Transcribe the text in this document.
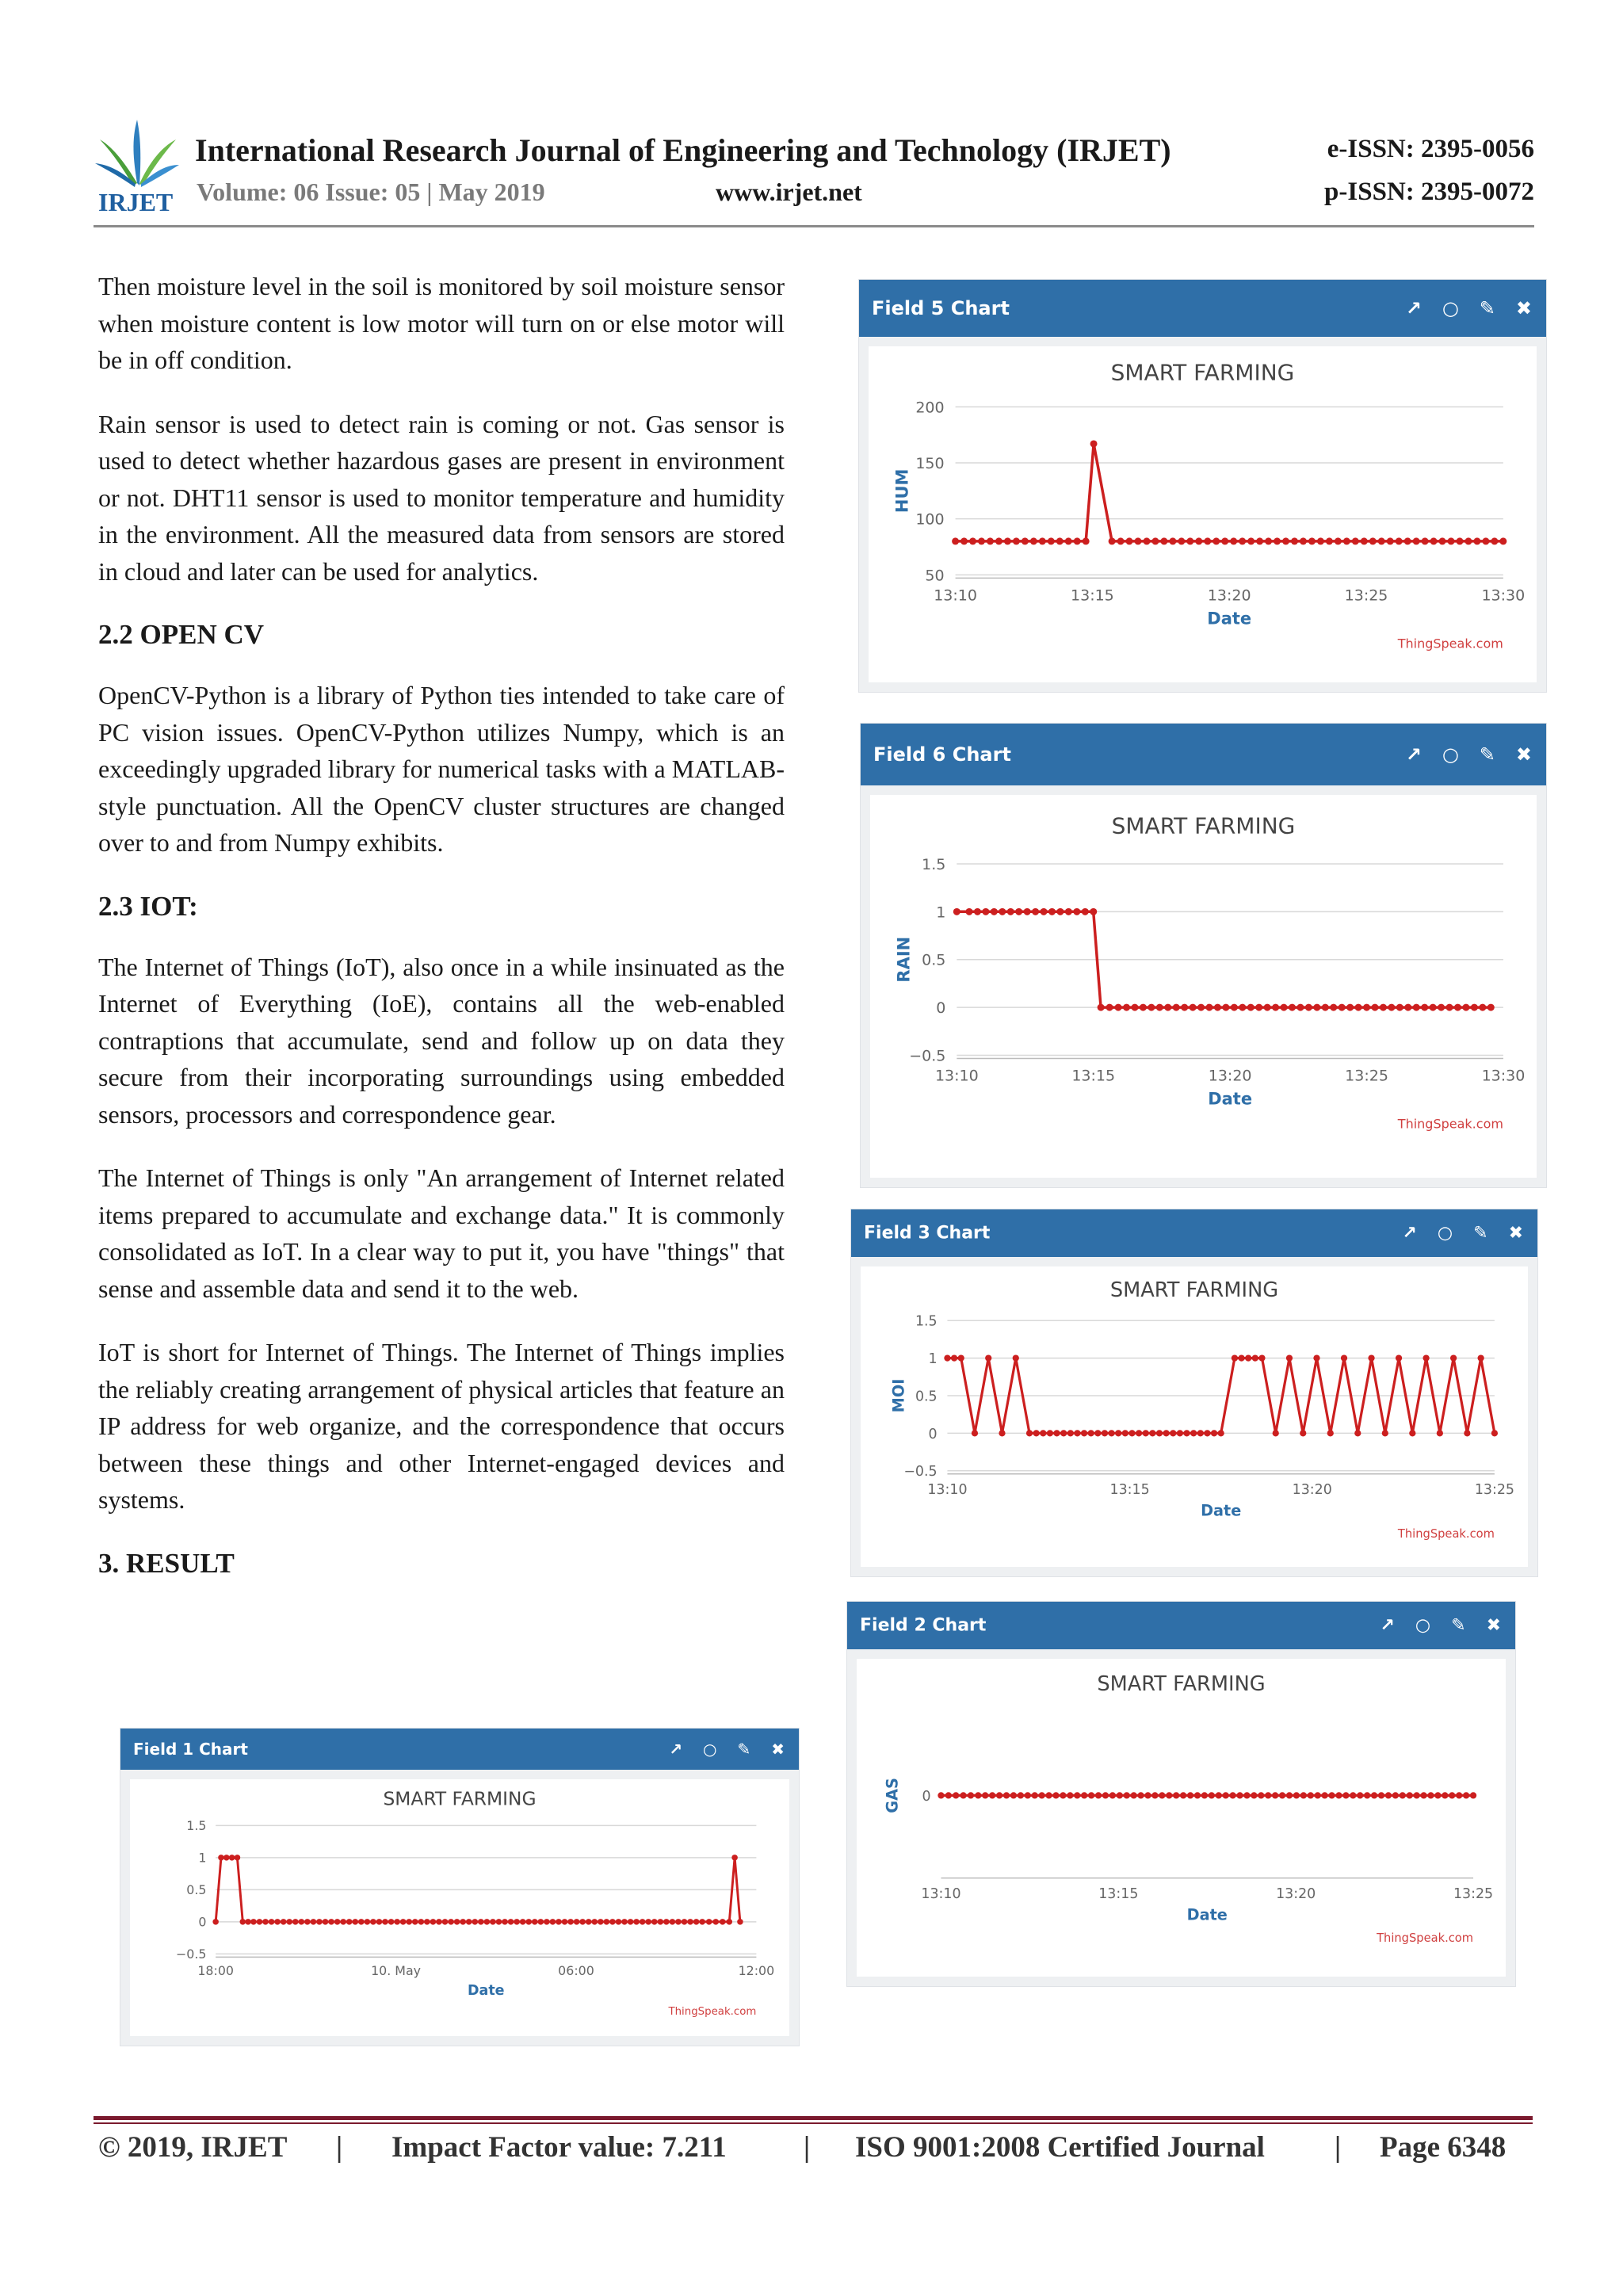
IRJET
International Research Journal of Engineering and Technology (IRJET)
Volume: 06 Issue: 05 | May 2019	www.irjet.net
e-ISSN: 2395-0056
p-ISSN: 2395-0072

Then moisture level in the soil is monitored by soil moisture sensor when moisture content is low motor will turn on or else motor will be in off condition.

Rain sensor is used to detect rain is coming or not. Gas sensor is used to detect whether hazardous gases are present in environment or not. DHT11 sensor is used to monitor temperature and humidity in the environment. All the measured data from sensors are stored in cloud and later can be used for analytics.

2.2 OPEN CV

OpenCV-Python is a library of Python ties intended to take care of PC vision issues. OpenCV-Python utilizes Numpy, which is an exceedingly upgraded library for numerical tasks with a MATLAB-style punctuation. All the OpenCV cluster structures are changed over to and from Numpy exhibits.

2.3 IOT:

The Internet of Things (IoT), also once in a while insinuated as the Internet of Everything (IoE), contains all the web-enabled contraptions that accumulate, send and follow up on data they secure from their incorporating surroundings using embedded sensors, processors and correspondence gear.

The Internet of Things is only "An arrangement of Internet related items prepared to accumulate and exchange data." It is commonly consolidated as IoT. In a clear way to put it, you have "things" that sense and assemble data and send it to the web.

IoT is short for Internet of Things. The Internet of Things implies the reliably creating arrangement of physical articles that feature an IP address for web organize, and the correspondence that occurs between these things and other Internet-engaged devices and systems.

3. RESULT
Field 5 Chart	↗ ○ ✎ ✖
SMART FARMING
200
150
100
50
13:10	13:15	13:20	13:25	13:30
Date
HUM
ThingSpeak.com
Field 6 Chart	↗ ○ ✎ ✖
SMART FARMING
1.5
1
0.5
0
−0.5
13:10	13:15	13:20	13:25	13:30
Date
RAIN
ThingSpeak.com
Field 3 Chart	↗ ○ ✎ ✖
SMART FARMING
1.5
1
0.5
0
−0.5
13:10	13:15	13:20	13:25
Date
MOI
ThingSpeak.com
Field 2 Chart	↗ ○ ✎ ✖
SMART FARMING
0
13:10	13:15	13:20	13:25
Date
GAS
ThingSpeak.com
Field 1 Chart	↗ ○ ✎ ✖
SMART FARMING
1.5
1
0.5
0
−0.5
18:00	10. May	06:00	12:00
Date
ThingSpeak.com
© 2019, IRJET | Impact Factor value: 7.211	| ISO 9001:2008 Certified Journal | Page 6348
